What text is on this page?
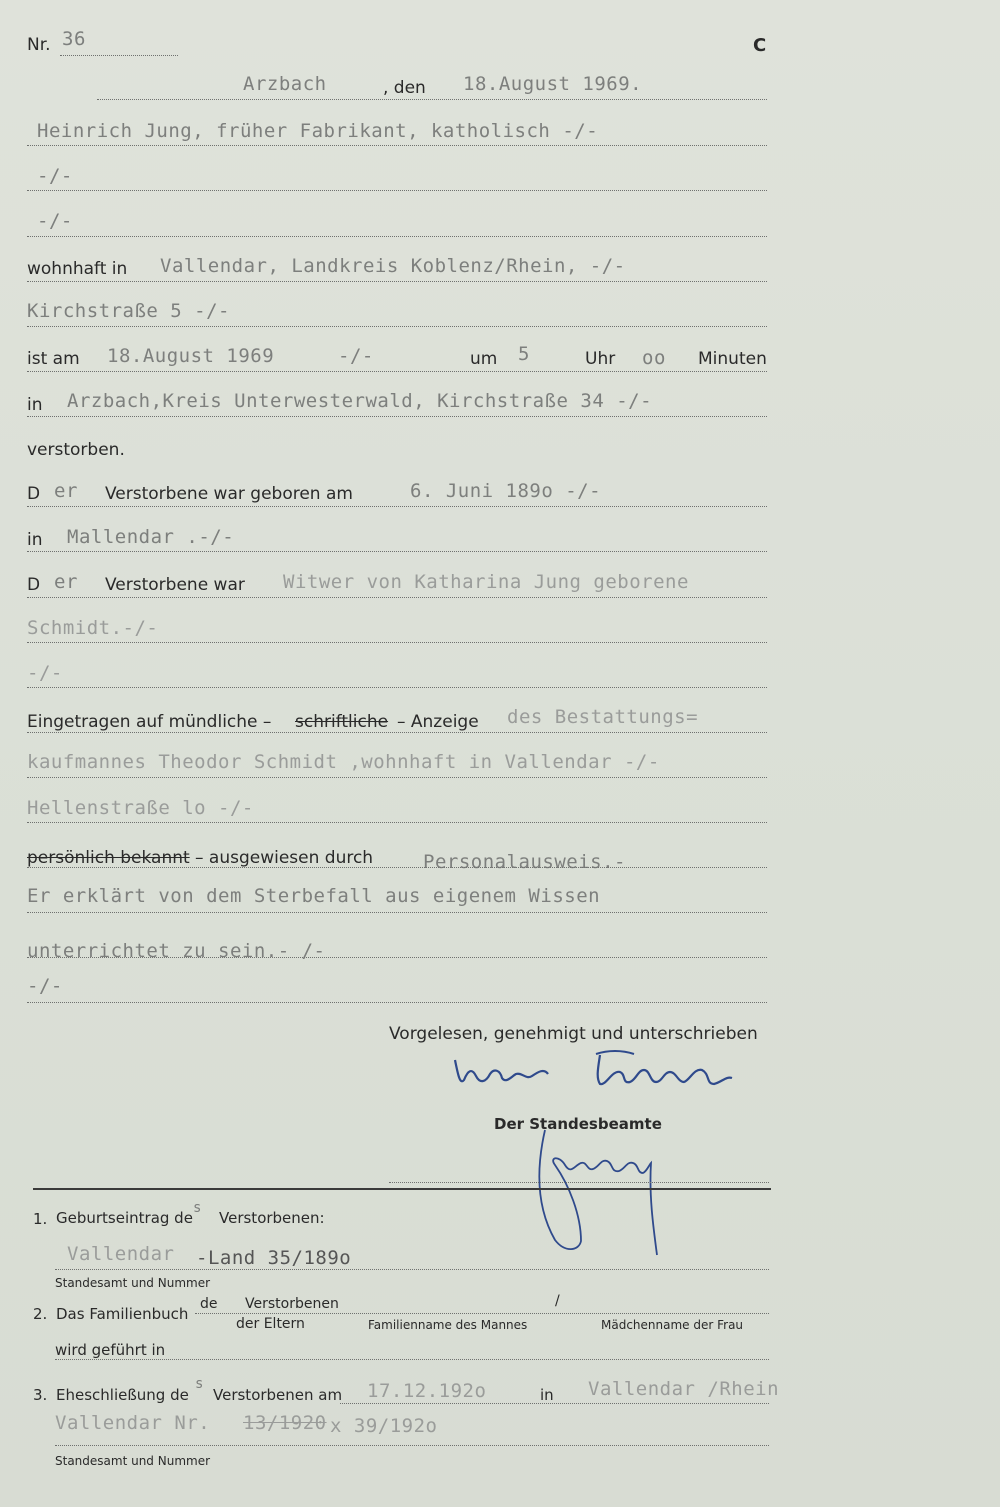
Nr. 36	C
Arzbach	, den 18.August 1969.
Heinrich Jung, früher Fabrikant, katholisch -/-
-/-
-/-
wohnhaft in Vallendar, Landkreis Koblenz/Rhein, -/-
Kirchstraße 5 -/-
ist am 18.August 1969	-/-	um 5	Uhr oo Minuten
in Arzbach,Kreis Unterwesterwald, Kirchstraße 34 -/-
verstorben.
D er Verstorbene war geboren am	6. Juni 189o -/-
in Mallendar .-/-
D er Verstorbene war Witwer von Katharina Jung geborene
Schmidt.-/-
-/-
Eingetragen auf mündliche – schriftliche – Anzeige des Bestattungs=
kaufmannes Theodor Schmidt ,wohnhaft in Vallendar -/-
Hellenstraße lo -/-
persönlich bekannt – ausgewiesen durch	Personalausweis.-
Er erklärt von dem Sterbefall aus eigenem Wissen
unterrichtet zu sein.- /-
-/-
Vorgelesen, genehmigt und unterschrieben
Der Standesbeamte
1. Geburtseintrag de
s
Verstorbenen:
Vallendar -Land 35/189o
Standesamt und Nummer
2. Das Familienbuch
de Verstorbenen	/
der Eltern	Familienname des Mannes	Mädchenname der Frau
wird geführt in
3. Eheschließung de
s
Verstorbenen am 17.12.192o	in Vallendar /Rhein
Vallendar Nr. 13/1920 x 39/192o
Standesamt und Nummer
